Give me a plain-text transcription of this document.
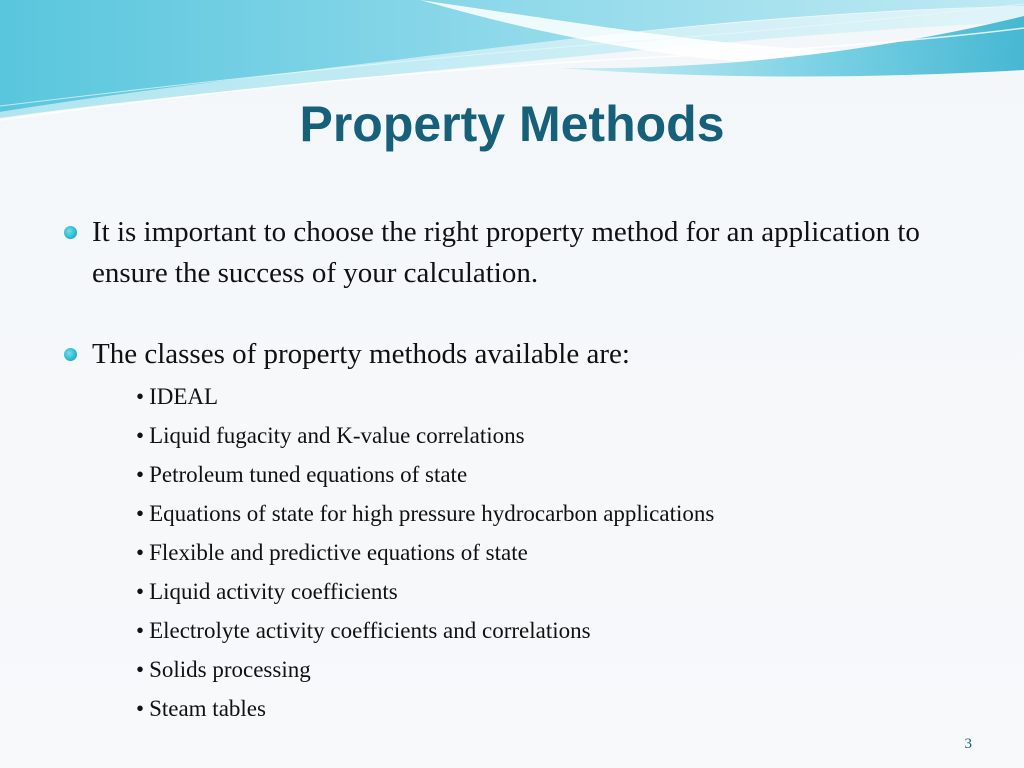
Property Methods
It is important to choose the right property method for an application to ensure the success of your calculation.
The classes of property methods available are:
• IDEAL
• Liquid fugacity and K-value correlations
• Petroleum tuned equations of state
• Equations of state for high pressure hydrocarbon applications
• Flexible and predictive equations of state
• Liquid activity coefficients
• Electrolyte activity coefficients and correlations
• Solids processing
• Steam tables
3
